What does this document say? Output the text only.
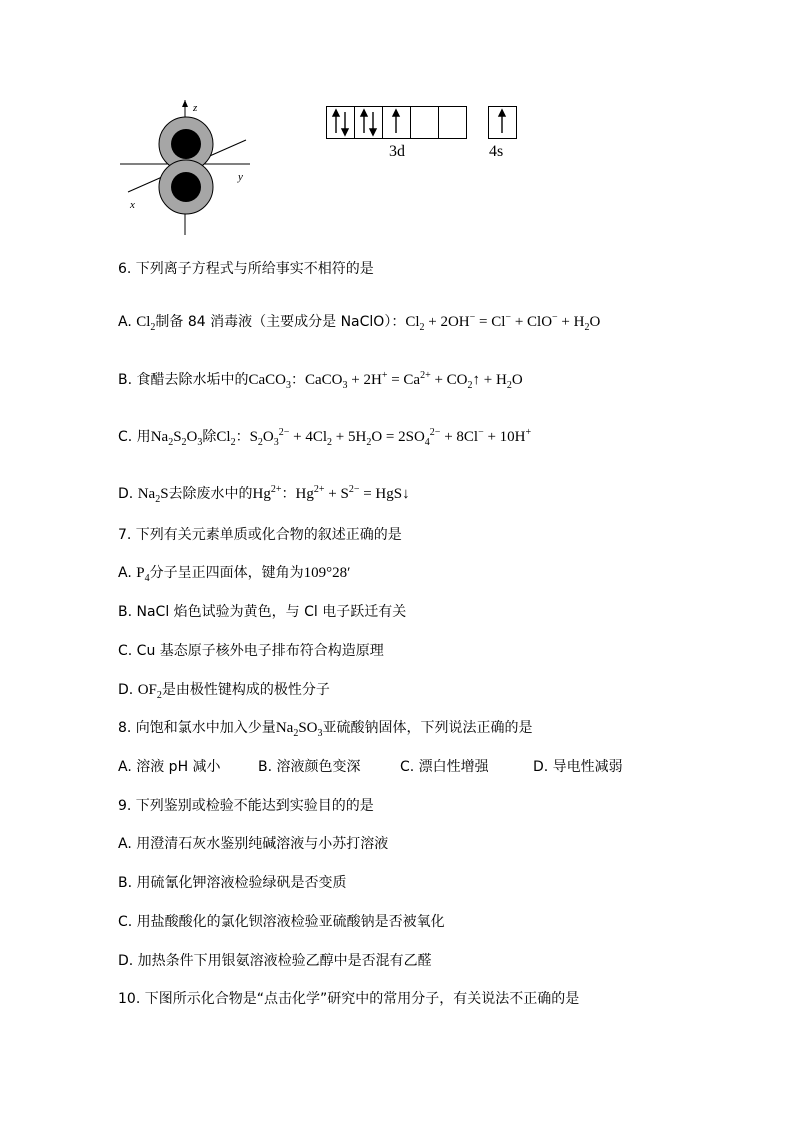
z
y
x
3d	4s
6. 下列离子方程式与所给事实不相符的是
A. $Cl_2$制备 84 消毒液（主要成分是 NaClO）：$Cl_2 + 2OH^- = Cl^- + ClO^- + H_2O$
B. 食醋去除水垢中的CaCO$_3$：CaCO$_3$ + $2H^+ = Ca^{2+}$ + $CO_2↑ + H_2O$
C. 用$Na_2S_2O_3$除$Cl_2$：$S_2O_3^{2-} + 4Cl_2 + 5H_2O = 2SO_4^{2-} + 8Cl^- + 10H^+$
D. $Na_2S$去除废水中的$Hg^{2+}$：$Hg^{2+} + S^{2-}$ = HgS↓
7. 下列有关元素单质或化合物的叙述正确的是
A. $P_4$分子呈正四面体，键角为109°28′
B. NaCl 焰色试验为黄色，与 Cl 电子跃迁有关
C. Cu 基态原子核外电子排布符合构造原理
D. $OF_2$是由极性键构成的极性分子
8. 向饱和氯水中加入少量$Na_2SO_3$亚硫酸钠固体，下列说法正确的是
A. 溶液 pH 减小	B. 溶液颜色变深	C. 漂白性增强	D. 导电性减弱
9. 下列鉴别或检验不能达到实验目的的是
A. 用澄清石灰水鉴别纯碱溶液与小苏打溶液
B. 用硫氰化钾溶液检验绿矾是否变质
C. 用盐酸酸化的氯化钡溶液检验亚硫酸钠是否被氧化
D. 加热条件下用银氨溶液检验乙醇中是否混有乙醛
10. 下图所示化合物是“点击化学”研究中的常用分子，有关说法不正确的是
